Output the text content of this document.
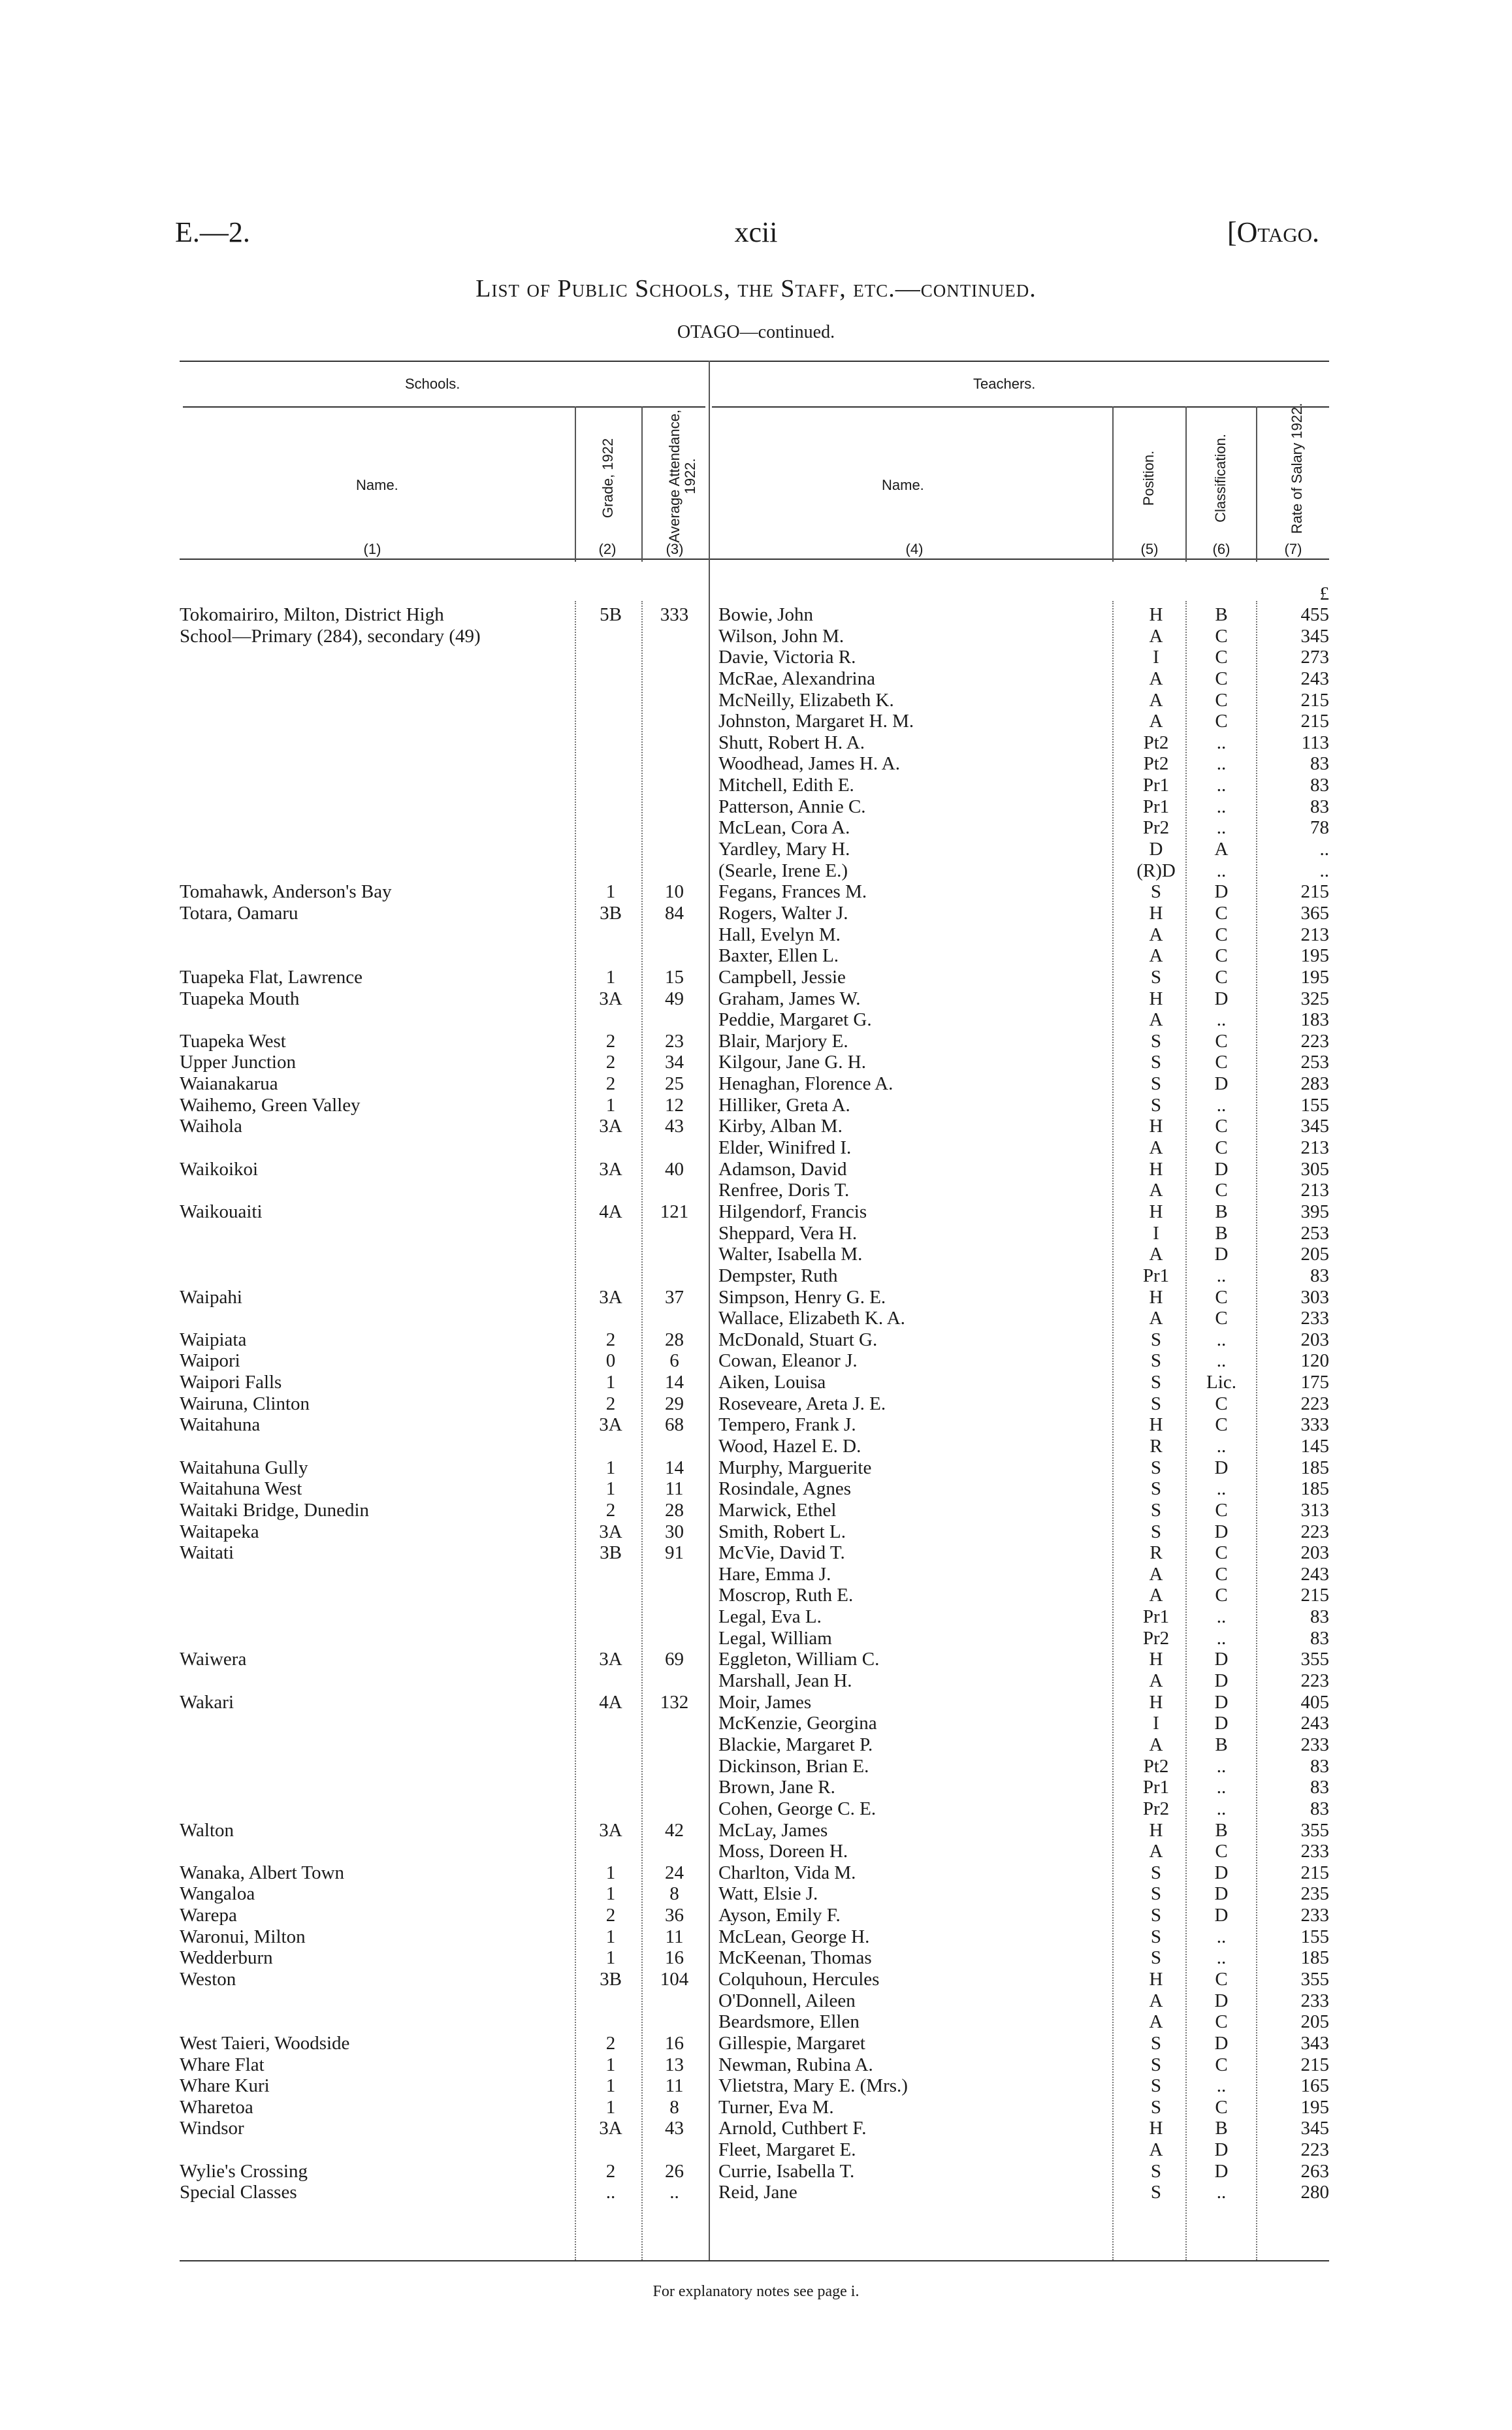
E.—2.	xcii	[Otago.
List of Public Schools, the Staff, etc.—continued.
OTAGO—continued.
Schools.	Teachers.
Name.	Grade, 1922	Average Attendance, 1922.	Name.	Position.	Classification.	Rate of Salary 1922.
(1)	(2)	(3)	(4)	(5)	(6)	(7)
£
Tokomairiro, Milton, District High	5B	333	Bowie, John	H	B	455
School—Primary (284), secondary (49)	Wilson, John M.	A	C	345
Davie, Victoria R.	I	C	273
McRae, Alexandrina	A	C	243
McNeilly, Elizabeth K.	A	C	215
Johnston, Margaret H. M.	A	C	215
Shutt, Robert H. A.	Pt2	..	113
Woodhead, James H. A.	Pt2	..	83
Mitchell, Edith E.	Pr1	..	83
Patterson, Annie C.	Pr1	..	83
McLean, Cora A.	Pr2	..	78
Yardley, Mary H.	D	A	..
(Searle, Irene E.)	(R)D	..	..
Tomahawk, Anderson's Bay	1	10	Fegans, Frances M.	S	D	215
Totara, Oamaru	3B	84	Rogers, Walter J.	H	C	365
Hall, Evelyn M.	A	C	213
Baxter, Ellen L.	A	C	195
Tuapeka Flat, Lawrence	1	15	Campbell, Jessie	S	C	195
Tuapeka Mouth	3A	49	Graham, James W.	H	D	325
Peddie, Margaret G.	A	..	183
Tuapeka West	2	23	Blair, Marjory E.	S	C	223
Upper Junction	2	34	Kilgour, Jane G. H.	S	C	253
Waianakarua	2	25	Henaghan, Florence A.	S	D	283
Waihemo, Green Valley	1	12	Hilliker, Greta A.	S	..	155
Waihola	3A	43	Kirby, Alban M.	H	C	345
Elder, Winifred I.	A	C	213
Waikoikoi	3A	40	Adamson, David	H	D	305
Renfree, Doris T.	A	C	213
Waikouaiti	4A	121	Hilgendorf, Francis	H	B	395
Sheppard, Vera H.	I	B	253
Walter, Isabella M.	A	D	205
Dempster, Ruth	Pr1	..	83
Waipahi	3A	37	Simpson, Henry G. E.	H	C	303
Wallace, Elizabeth K. A.	A	C	233
Waipiata	2	28	McDonald, Stuart G.	S	..	203
Waipori	0	6	Cowan, Eleanor J.	S	..	120
Waipori Falls	1	14	Aiken, Louisa	S	Lic.	175
Wairuna, Clinton	2	29	Roseveare, Areta J. E.	S	C	223
Waitahuna	3A	68	Tempero, Frank J.	H	C	333
Wood, Hazel E. D.	R	..	145
Waitahuna Gully	1	14	Murphy, Marguerite	S	D	185
Waitahuna West	1	11	Rosindale, Agnes	S	..	185
Waitaki Bridge, Dunedin	2	28	Marwick, Ethel	S	C	313
Waitapeka	3A	30	Smith, Robert L.	S	D	223
Waitati	3B	91	McVie, David T.	R	C	203
Hare, Emma J.	A	C	243
Moscrop, Ruth E.	A	C	215
Legal, Eva L.	Pr1	..	83
Legal, William	Pr2	..	83
Waiwera	3A	69	Eggleton, William C.	H	D	355
Marshall, Jean H.	A	D	223
Wakari	4A	132	Moir, James	H	D	405
McKenzie, Georgina	I	D	243
Blackie, Margaret P.	A	B	233
Dickinson, Brian E.	Pt2	..	83
Brown, Jane R.	Pr1	..	83
Cohen, George C. E.	Pr2	..	83
Walton	3A	42	McLay, James	H	B	355
Moss, Doreen H.	A	C	233
Wanaka, Albert Town	1	24	Charlton, Vida M.	S	D	215
Wangaloa	1	8	Watt, Elsie J.	S	D	235
Warepa	2	36	Ayson, Emily F.	S	D	233
Waronui, Milton	1	11	McLean, George H.	S	..	155
Wedderburn	1	16	McKeenan, Thomas	S	..	185
Weston	3B	104	Colquhoun, Hercules	H	C	355
O'Donnell, Aileen	A	D	233
Beardsmore, Ellen	A	C	205
West Taieri, Woodside	2	16	Gillespie, Margaret	S	D	343
Whare Flat	1	13	Newman, Rubina A.	S	C	215
Whare Kuri	1	11	Vlietstra, Mary E. (Mrs.)	S	..	165
Wharetoa	1	8	Turner, Eva M.	S	C	195
Windsor	3A	43	Arnold, Cuthbert F.	H	B	345
Fleet, Margaret E.	A	D	223
Wylie's Crossing	2	26	Currie, Isabella T.	S	D	263
Special Classes	..	..	Reid, Jane	S	..	280
For explanatory notes see page i.
